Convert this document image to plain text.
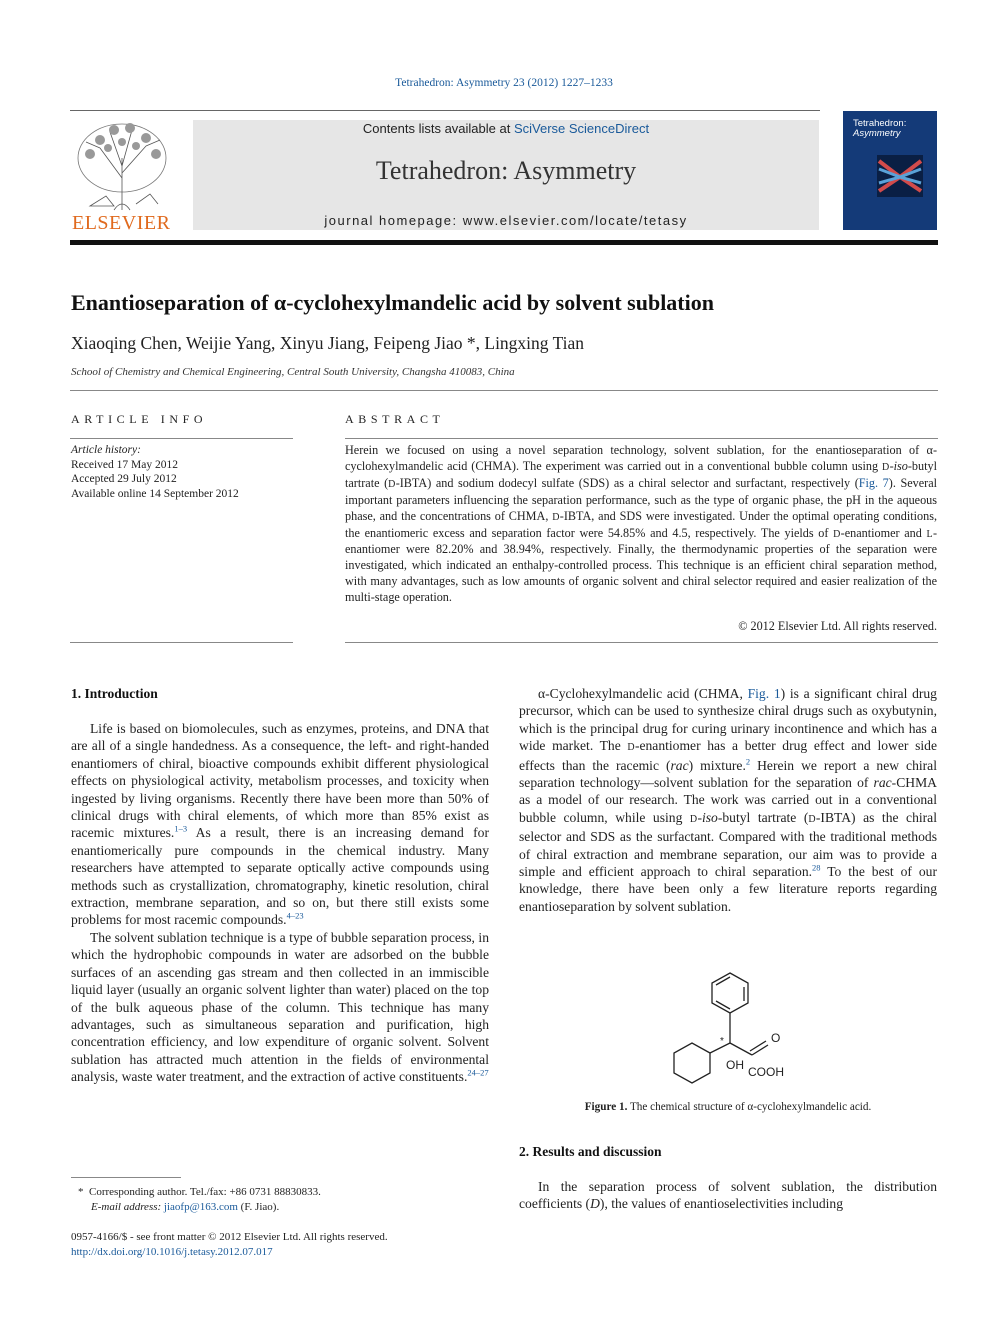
Tetrahedron: Asymmetry 23 (2012) 1227–1233
ELSEVIER
Contents lists available at SciVerse ScienceDirect
Tetrahedron: Asymmetry
journal homepage: www.elsevier.com/locate/tetasy
Tetrahedron:
Asymmetry
Enantioseparation of α-cyclohexylmandelic acid by solvent sublation
Xiaoqing Chen, Weijie Yang, Xinyu Jiang, Feipeng Jiao *, Lingxing Tian
School of Chemistry and Chemical Engineering, Central South University, Changsha 410083, China
ARTICLE INFO	ABSTRACT
Article history:
Received 17 May 2012
Accepted 29 July 2012
Available online 14 September 2012
Herein we focused on using a novel separation technology, solvent sublation, for the enantioseparation of α-cyclohexylmandelic acid (CHMA). The experiment was carried out in a conventional bubble column using D-iso-butyl tartrate (D-IBTA) and sodium dodecyl sulfate (SDS) as a chiral selector and surfactant, respectively (Fig. 7). Several important parameters influencing the separation performance, such as the type of organic phase, the pH in the aqueous phase, and the concentrations of CHMA, D-IBTA, and SDS were investigated. Under the optimal operating conditions, the enantiomeric excess and separation factor were 54.85% and 4.5, respectively. The yields of D-enantiomer and L-enantiomer were 82.20% and 38.94%, respectively. Finally, the thermodynamic properties of the separation were investigated, which indicated an enthalpy-controlled process. This technique is an efficient chiral separation method, with many advantages, such as low amounts of organic solvent and chiral selector required and easier realization of the multi-stage operation.
© 2012 Elsevier Ltd. All rights reserved.
1. Introduction

Life is based on biomolecules, such as enzymes, proteins, and DNA that are all of a single handedness. As a consequence, the left- and right-handed enantiomers of chiral, bioactive compounds exhibit different physiological effects on physiological activity, metabolism processes, and toxicity when ingested by living organisms. Recently there have been more than 50% of clinical drugs with chiral elements, of which more than 85% exist as racemic mixtures.$^{1-3}$ As a result, there is an increasing demand for enantiomerically pure compounds in the chemical industry. Many researchers have attempted to separate optically active compounds using methods such as crystallization, chromatography, kinetic resolution, chiral extraction, membrane separation, and so on, but there still exists some problems for most racemic compounds.$^{4-23}$

The solvent sublation technique is a type of bubble separation process, in which the hydrophobic compounds in water are adsorbed on the bubble surfaces of an ascending gas stream and then collected in an immiscible liquid layer (usually an organic solvent lighter than water) placed on the top of the bulk aqueous phase of the column. This technique has many advantages, such as simultaneous separation and purification, high concentration efficiency, and low expenditure of organic solvent. Solvent sublation has attracted much attention in the fields of environmental analysis, waste water treatment, and the extraction of active constituents.$^{24-27}$

α-Cyclohexylmandelic acid (CHMA, Fig. 1) is a significant chiral drug precursor, which can be used to synthesize chiral drugs such as oxybutynin, which is the principal drug for curing urinary incontinence and which has a wide market. The D-enantiomer has a better drug effect and lower side effects than the racemic (rac) mixture.$^2$ Herein we report a new chiral separation technology—solvent sublation for the separation of rac-CHMA as a model of our research. The work was carried out in a conventional bubble column, while using D-iso-butyl tartrate (D-IBTA) as the chiral selector and SDS as the surfactant. Compared with the traditional methods of chiral extraction and membrane separation, our aim was to provide a simple and efficient approach to chiral separation.$^{28}$ To the best of our knowledge, there have been only a few literature reports regarding enantioseparation by solvent sublation.

O
OH COOH
*
Figure 1. The chemical structure of α-cyclohexylmandelic acid.
2. Results and discussion

In the separation process of solvent sublation, the distribution coefficients (D), the values of enantioselectivities including

* Corresponding author. Tel./fax: +86 0731 88830833.
E-mail address: jiaofp@163.com (F. Jiao).
0957-4166/$ - see front matter © 2012 Elsevier Ltd. All rights reserved.
http://dx.doi.org/10.1016/j.tetasy.2012.07.017
